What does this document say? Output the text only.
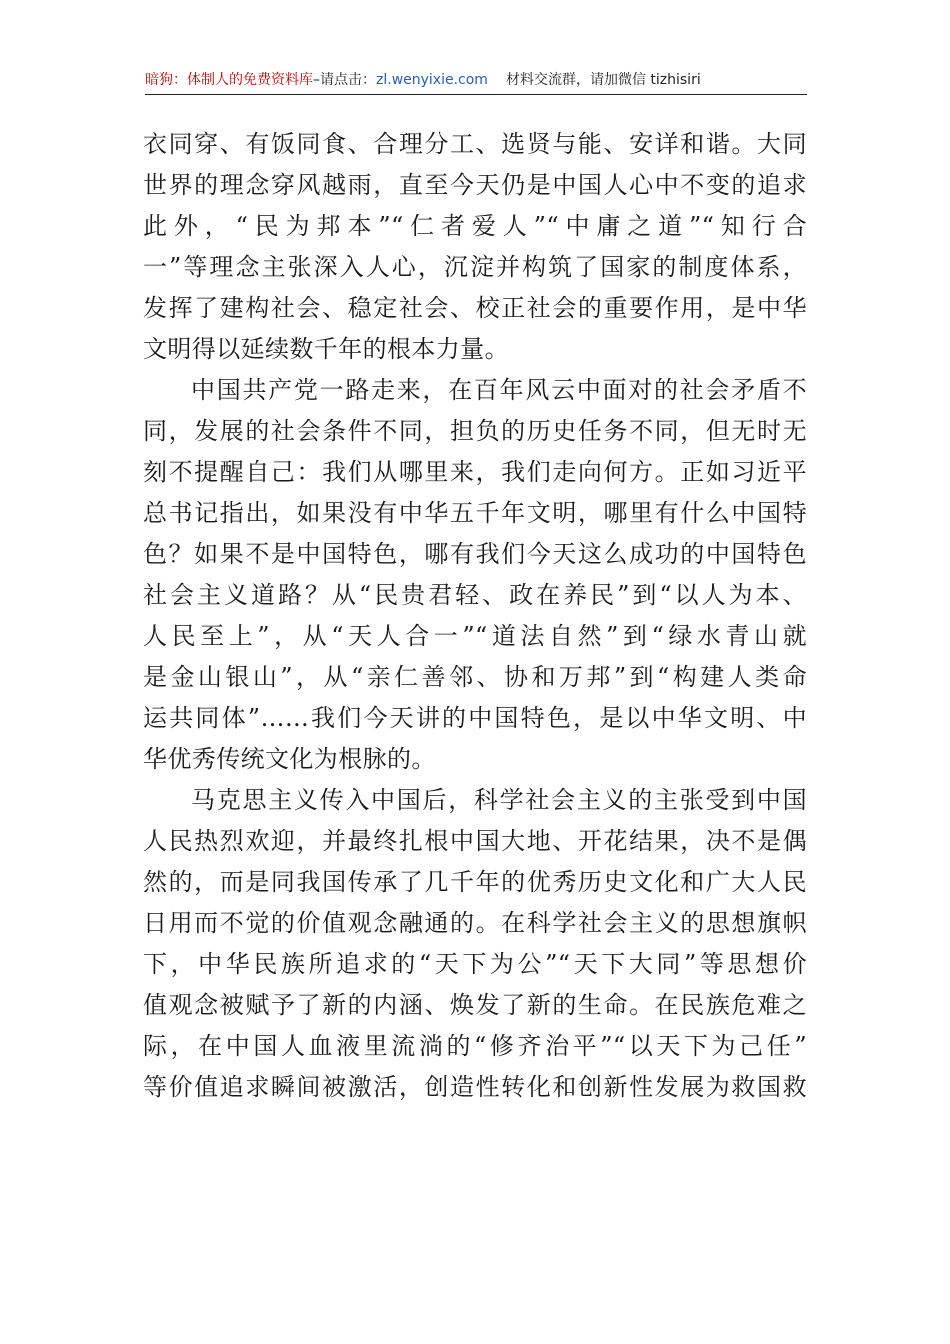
暗狗：体制人的免费资料库–请点击：zl.wenyixie.com 材料交流群，请加微信 tizhisiri
衣同穿、有饭同食、合理分工、选贤与能、安详和谐。大同
世界的理念穿风越雨，直至今天仍是中国人心中不变的追求
此外，“民为邦本”“仁者爱人”“中庸之道”“知行合
一”等理念主张深入人心，沉淀并构筑了国家的制度体系，
发挥了建构社会、稳定社会、校正社会的重要作用，是中华
文明得以延续数千年的根本力量。
中国共产党一路走来，在百年风云中面对的社会矛盾不
同，发展的社会条件不同，担负的历史任务不同，但无时无
刻不提醒自己：我们从哪里来，我们走向何方。正如习近平
总书记指出，如果没有中华五千年文明，哪里有什么中国特
色？如果不是中国特色，哪有我们今天这么成功的中国特色
社会主义道路？从“民贵君轻、政在养民”到“以人为本、
人民至上”，从“天人合一”“道法自然”到“绿水青山就
是金山银山”，从“亲仁善邻、协和万邦”到“构建人类命
运共同体”……我们今天讲的中国特色，是以中华文明、中
华优秀传统文化为根脉的。
马克思主义传入中国后，科学社会主义的主张受到中国
人民热烈欢迎，并最终扎根中国大地、开花结果，决不是偶
然的，而是同我国传承了几千年的优秀历史文化和广大人民
日用而不觉的价值观念融通的。在科学社会主义的思想旗帜
下，中华民族所追求的“天下为公”“天下大同”等思想价
值观念被赋予了新的内涵、焕发了新的生命。在民族危难之
际，在中国人血液里流淌的“修齐治平”“以天下为己任”
等价值追求瞬间被激活，创造性转化和创新性发展为救国救
